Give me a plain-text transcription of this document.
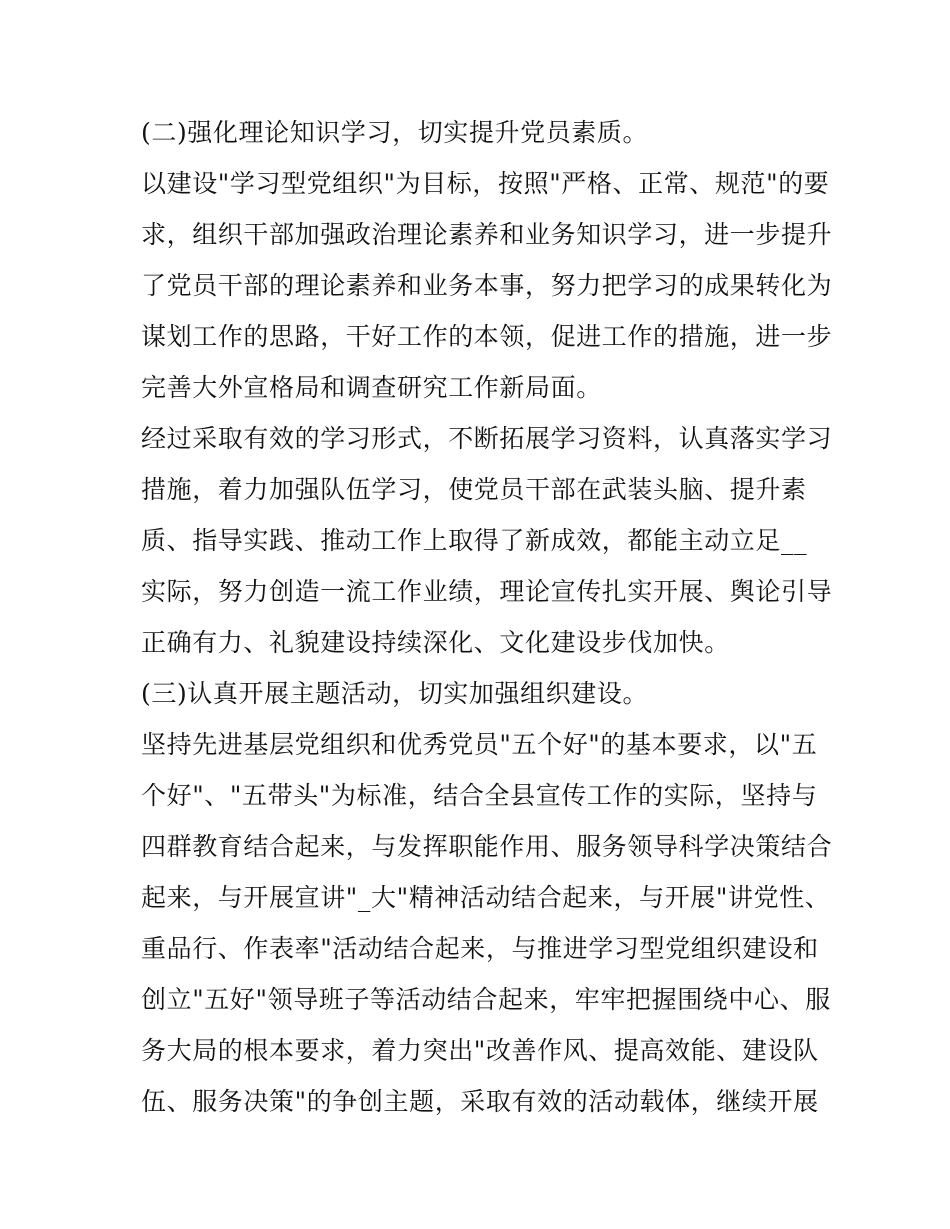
(二)强化理论知识学习，切实提升党员素质。
以建设"学习型党组织"为目标，按照"严格、正常、规范"的要
求，组织干部加强政治理论素养和业务知识学习，进一步提升
了党员干部的理论素养和业务本事，努力把学习的成果转化为
谋划工作的思路，干好工作的本领，促进工作的措施，进一步
完善大外宣格局和调查研究工作新局面。
经过采取有效的学习形式，不断拓展学习资料，认真落实学习
措施，着力加强队伍学习，使党员干部在武装头脑、提升素
质、指导实践、推动工作上取得了新成效，都能主动立足__
实际，努力创造一流工作业绩，理论宣传扎实开展、舆论引导
正确有力、礼貌建设持续深化、文化建设步伐加快。
(三)认真开展主题活动，切实加强组织建设。
坚持先进基层党组织和优秀党员"五个好"的基本要求，以"五
个好"、"五带头"为标准，结合全县宣传工作的实际，坚持与
四群教育结合起来，与发挥职能作用、服务领导科学决策结合
起来，与开展宣讲"_大"精神活动结合起来，与开展"讲党性、
重品行、作表率"活动结合起来，与推进学习型党组织建设和
创立"五好"领导班子等活动结合起来，牢牢把握围绕中心、服
务大局的根本要求，着力突出"改善作风、提高效能、建设队
伍、服务决策"的争创主题，采取有效的活动载体，继续开展
